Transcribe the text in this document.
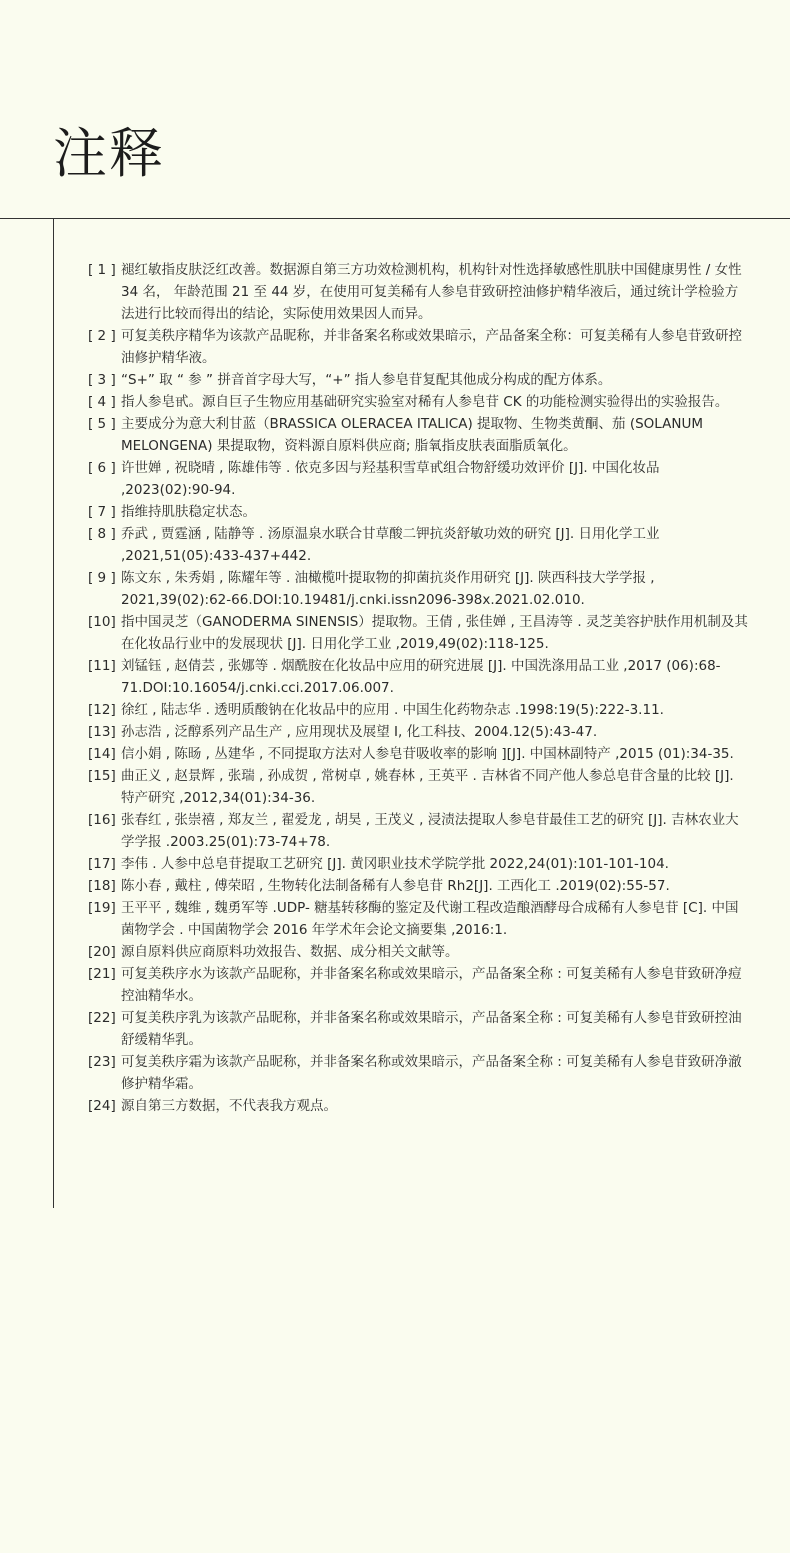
注释
[ 1 ] 褪红敏指皮肤泛红改善。数据源自第三方功效检测机构，机构针对性选择敏感性肌肤中国健康男性 / 女性 34 名， 年龄范围 21 至 44 岁，在使用可复美稀有人参皂苷致研控油修护精华液后，通过统计学检验方法进行比较而得出的结论，实际使用效果因人而异。
[ 2 ] 可复美秩序精华为该款产品昵称，并非备案名称或效果暗示，产品备案全称：可复美稀有人参皂苷致研控油修护精华液。
[ 3 ] “S+” 取 “ 参 ” 拼音首字母大写，“+” 指人参皂苷复配其他成分构成的配方体系。
[ 4 ] 指人参皂甙。源自巨子生物应用基础研究实验室对稀有人参皂苷 CK 的功能检测实验得出的实验报告。
[ 5 ] 主要成分为意大利甘蓝（BRASSICA OLERACEA ITALICA) 提取物、生物类黄酮、茄 (SOLANUM MELONGENA) 果提取物，资料源自原料供应商; 脂氧指皮肤表面脂质氧化。
[ 6 ] 许世婵 , 祝晓晴 , 陈雄伟等 . 依克多因与羟基积雪草甙组合物舒缓功效评价 [J]. 中国化妆品 ,2023(02):90-94.
[ 7 ] 指维持肌肤稳定状态。
[ 8 ] 乔武 , 贾霆涵 , 陆静等 . 汤原温泉水联合甘草酸二钾抗炎舒敏功效的研究 [J]. 日用化学工业 ,2021,51(05):433-437+442.
[ 9 ] 陈文东 , 朱秀娟 , 陈耀年等 . 油橄榄叶提取物的抑菌抗炎作用研究 [J]. 陕西科技大学学报 , 2021,39(02):62-66.DOI:10.19481/j.cnki.issn2096-398x.2021.02.010.
[10] 指中国灵芝（GANODERMA SINENSIS）提取物。王倩 , 张佳婵 , 王昌涛等 . 灵芝美容护肤作用机制及其在化妆品行业中的发展现状 [J]. 日用化学工业 ,2019,49(02):118-125.
[11] 刘锰钰 , 赵倩芸 , 张娜等 . 烟酰胺在化妆品中应用的研究进展 [J]. 中国洗涤用品工业 ,2017 (06):68-71.DOI:10.16054/j.cnki.cci.2017.06.007.
[12] 徐红 , 陆志华 . 透明质酸钠在化妆品中的应用 . 中国生化药物杂志 .1998:19(5):222-3.11.
[13] 孙志浩 , 泛醇系列产品生产 , 应用现状及展望 I, 化工科技、2004.12(5):43-47.
[14] 信小娟 , 陈旸 , 丛建华 , 不同提取方法对人参皂苷吸收率的影响 ][J]. 中国林副特产 ,2015 (01):34-35.
[15] 曲正义 , 赵景辉 , 张瑞 , 孙成贺 , 常树卓 , 姚春林 , 王英平 . 吉林省不同产他人参总皂苷含量的比较 [J]. 特产研究 ,2012,34(01):34-36.
[16] 张春红 , 张崇禧 , 郑友兰 , 翟爱龙 , 胡昊 , 王茂义 , 浸渍法提取人参皂苷最佳工艺的研究 [J]. 吉林农业大学学报 .2003.25(01):73-74+78.
[17] 李伟 . 人参中总皂苷提取工艺研究 [J]. 黄冈职业技术学院学批 2022,24(01):101-101-104.
[18] 陈小春 , 戴柱 , 傅荣昭 , 生物转化法制备稀有人参皂苷 Rh2[J]. 工西化工 .2019(02):55-57.
[19] 王平平 , 魏维 , 魏勇军等 .UDP- 糖基转移酶的鉴定及代谢工程改造酿酒酵母合成稀有人参皂苷 [C]. 中国菌物学会 . 中国菌物学会 2016 年学术年会论文摘要集 ,2016:1.
[20] 源自原料供应商原料功效报告、数据、成分相关文献等。
[21] 可复美秩序水为该款产品昵称，并非备案名称或效果暗示，产品备案全称 : 可复美稀有人参皂苷致研净痘控油精华水。
[22] 可复美秩序乳为该款产品昵称，并非备案名称或效果暗示，产品备案全称 : 可复美稀有人参皂苷致研控油舒缓精华乳。
[23] 可复美秩序霜为该款产品昵称，并非备案名称或效果暗示，产品备案全称 : 可复美稀有人参皂苷致研净澈修护精华霜。
[24] 源自第三方数据，不代表我方观点。
